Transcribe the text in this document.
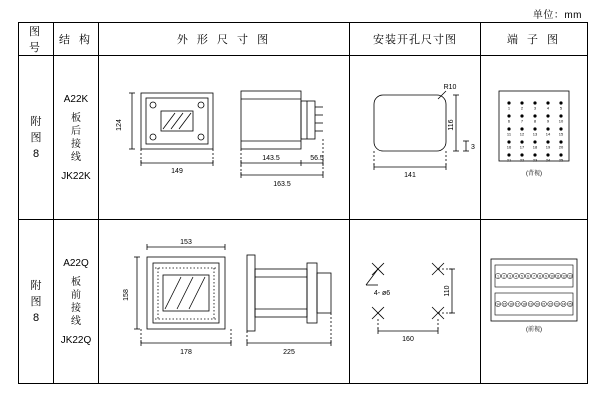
单位：mm
图 号	结 构	外 形 尺 寸 图	安装开孔尺寸图	端 子 图

附
图
8

A22K
板
后
接
线
JK22K

124
149
143.5	56.5
163.5

R10
141
116
3

1	2	3	4	5
6	7	8	9 10
11 12 13 14 15
16 17 18 19 20
21 22 23 24 25
(背视)

附
图
8

A22Q
板
前
接
线
JK22Q

153
158
178	225

4- ø6
160
110

1 2 3 4 5 6 7 8 9 10 11 12 13
14 15 16 17 18 19 20 21 22 23 24 25
(前视)
